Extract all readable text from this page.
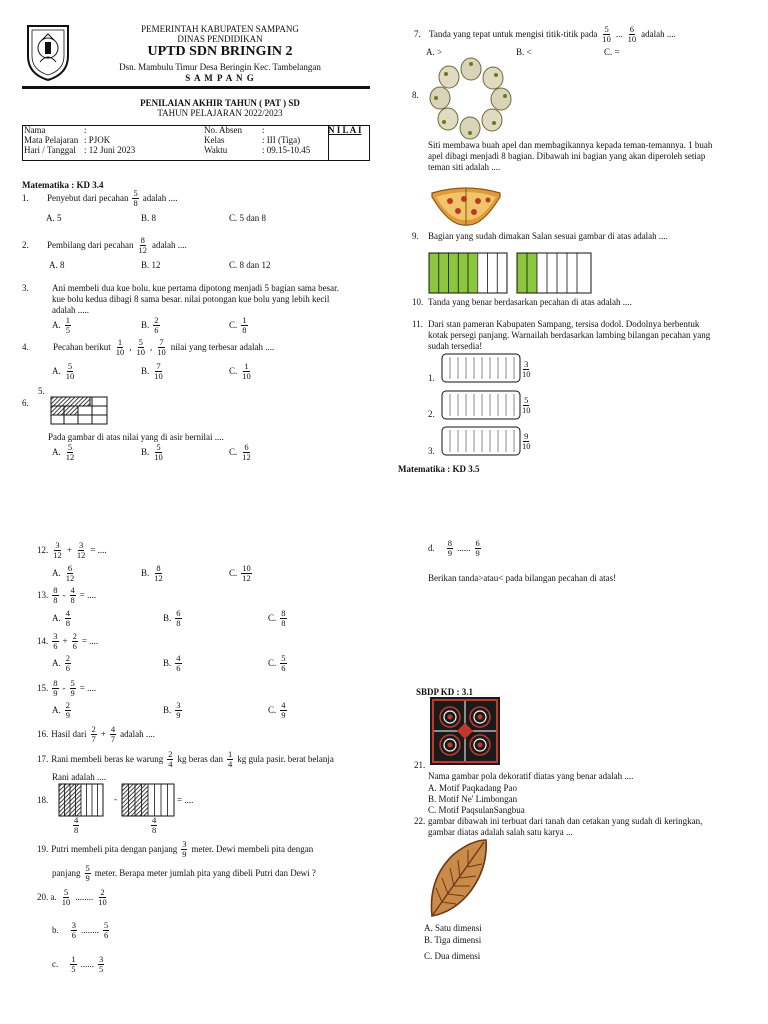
PEMERINTAH KABUPATEN SAMPANG
DINAS PENDIDIKAN
UPTD SDN BRINGIN 2
Dsn. Mambulu Timur Desa Beringin Kec. Tambelangan
S A M P A N G
PENILAIAN AKHIR TAHUN ( PAT ) SD
TAHUN PELAJARAN 2022/2023
Nama	:	No. Absen	:	N I L A I
Mata Pelajaran	: PJOK	Kelas	: III (Tiga)	
Hari / Tanggal	: 12 Juni 2023	Waktu	: 09.15-10.45	
Matematika : KD 3.4
1.	Penyebut dari pecahan $\frac{5}{8}$ adalah ....
A. 5	B. 8	C. 5 dan 8
2.	Pembilang dari pecahan $\frac{8}{12}$ adalah ....
A. 8	B. 12	C. 8 dan 12
3.	Ani membeli dua kue bolu. kue pertama dipotong menjadi 5 bagian sama besar.
kue bolu kedua dibagi 8 sama besar. nilai potongan kue bolu yang lebih kecil
adalah .....
A. $\frac{1}{5}$	B. $\frac{2}{6}$	C. $\frac{1}{8}$
4.	Pecahan berikut $\frac{1}{10}$ , $\frac{5}{10}$ , $\frac{7}{10}$ nilai yang terbesar adalah ....
A. $\frac{5}{10}$	B. $\frac{7}{10}$	C. $\frac{1}{10}$
5.
6.
Pada gambar di atas nilai yang di asir bernilai ....
A. $\frac{5}{12}$	B. $\frac{5}{10}$	C. $\frac{6}{12}$
7. Tanda yang tepat untuk mengisi titik-titik pada $\frac{5}{10}$ ... $\frac{6}{10}$ adalah ....
A. >	B. <	C. =
8.
Siti membawa buah apel dan membagikannya kepada teman-temannya. 1 buah
apel dibagi menjadi 8 bagian. Dibawah ini bagian yang akan diperoleh setiap
teman siti adalah ....
9. Bagian yang sudah dimakan Salan sesuai gambar di atas adalah ....
10. Tanda yang benar berdasarkan pecahan di atas adalah ....
11. Dari stan pameran Kabupaten Sampang, tersisa dodol. Dodolnya berbentuk
kotak persegi panjang. Warnailah berdasarkan lambing bilangan pecahan yang
sudah tersedia!
1.	$\frac{3}{10}$
2.	$\frac{5}{10}$
3.
$\frac{9}{10}$
Matematika : KD 3.5
12. $\frac{3}{12} + \frac{3}{12}$ = ....
A. $\frac{6}{12}$	B. $\frac{8}{12}$	C. $\frac{10}{12}$
13. $\frac{8}{8} - \frac{4}{8}$ = ....
A. $\frac{4}{8}$	B. $\frac{6}{8}$	C. $\frac{8}{8}$
14. $\frac{3}{6} + \frac{2}{6}$ = ....
A. $\frac{2}{6}$	B. $\frac{4}{6}$	C. $\frac{5}{6}$
15. $\frac{8}{9} - \frac{5}{9}$ = ....
A. $\frac{2}{9}$	B. $\frac{3}{9}$	C. $\frac{4}{9}$
16. Hasil dari $\frac{2}{7} + \frac{4}{7}$ adalah ....
17. Rani membeli beras ke warung $\frac{2}{4}$ kg beras dan $\frac{1}{4}$ kg gula pasir. berat belanja
Rani adalah ....
18.	-	= ....
$\frac{4}{8}$	$\frac{4}{8}$
19. Putri membeli pita dengan panjang $\frac{3}{9}$ meter. Dewi membeli pita dengan
panjang $\frac{5}{9}$ meter. Berapa meter jumlah pita yang dibeli Putri dan Dewi ?
20. a. $\frac{5}{10}$ ........ $\frac{2}{10}$
b. $\frac{3}{6}$ ........ $\frac{5}{6}$
c. $\frac{1}{5}$ ...... $\frac{3}{5}$
d. $\frac{8}{9}$ ...... $\frac{6}{9}$
Berikan tanda>atau< pada bilangan pecahan di atas!
SBDP KD : 3.1
21.
Nama gambar pola dekoratif diatas yang benar adalah ....
A. Motif Paqkadang Pao
B. Motif Ne' Limbongan
C. Motif PaqsulanSangbua
22. gambar dibawah ini terbuat dari tanah dan cetakan yang sudah di keringkan,
gambar diatas adalah salah satu karya ...
A. Satu dimensi
B. Tiga dimensi
C. Dua dimensi
